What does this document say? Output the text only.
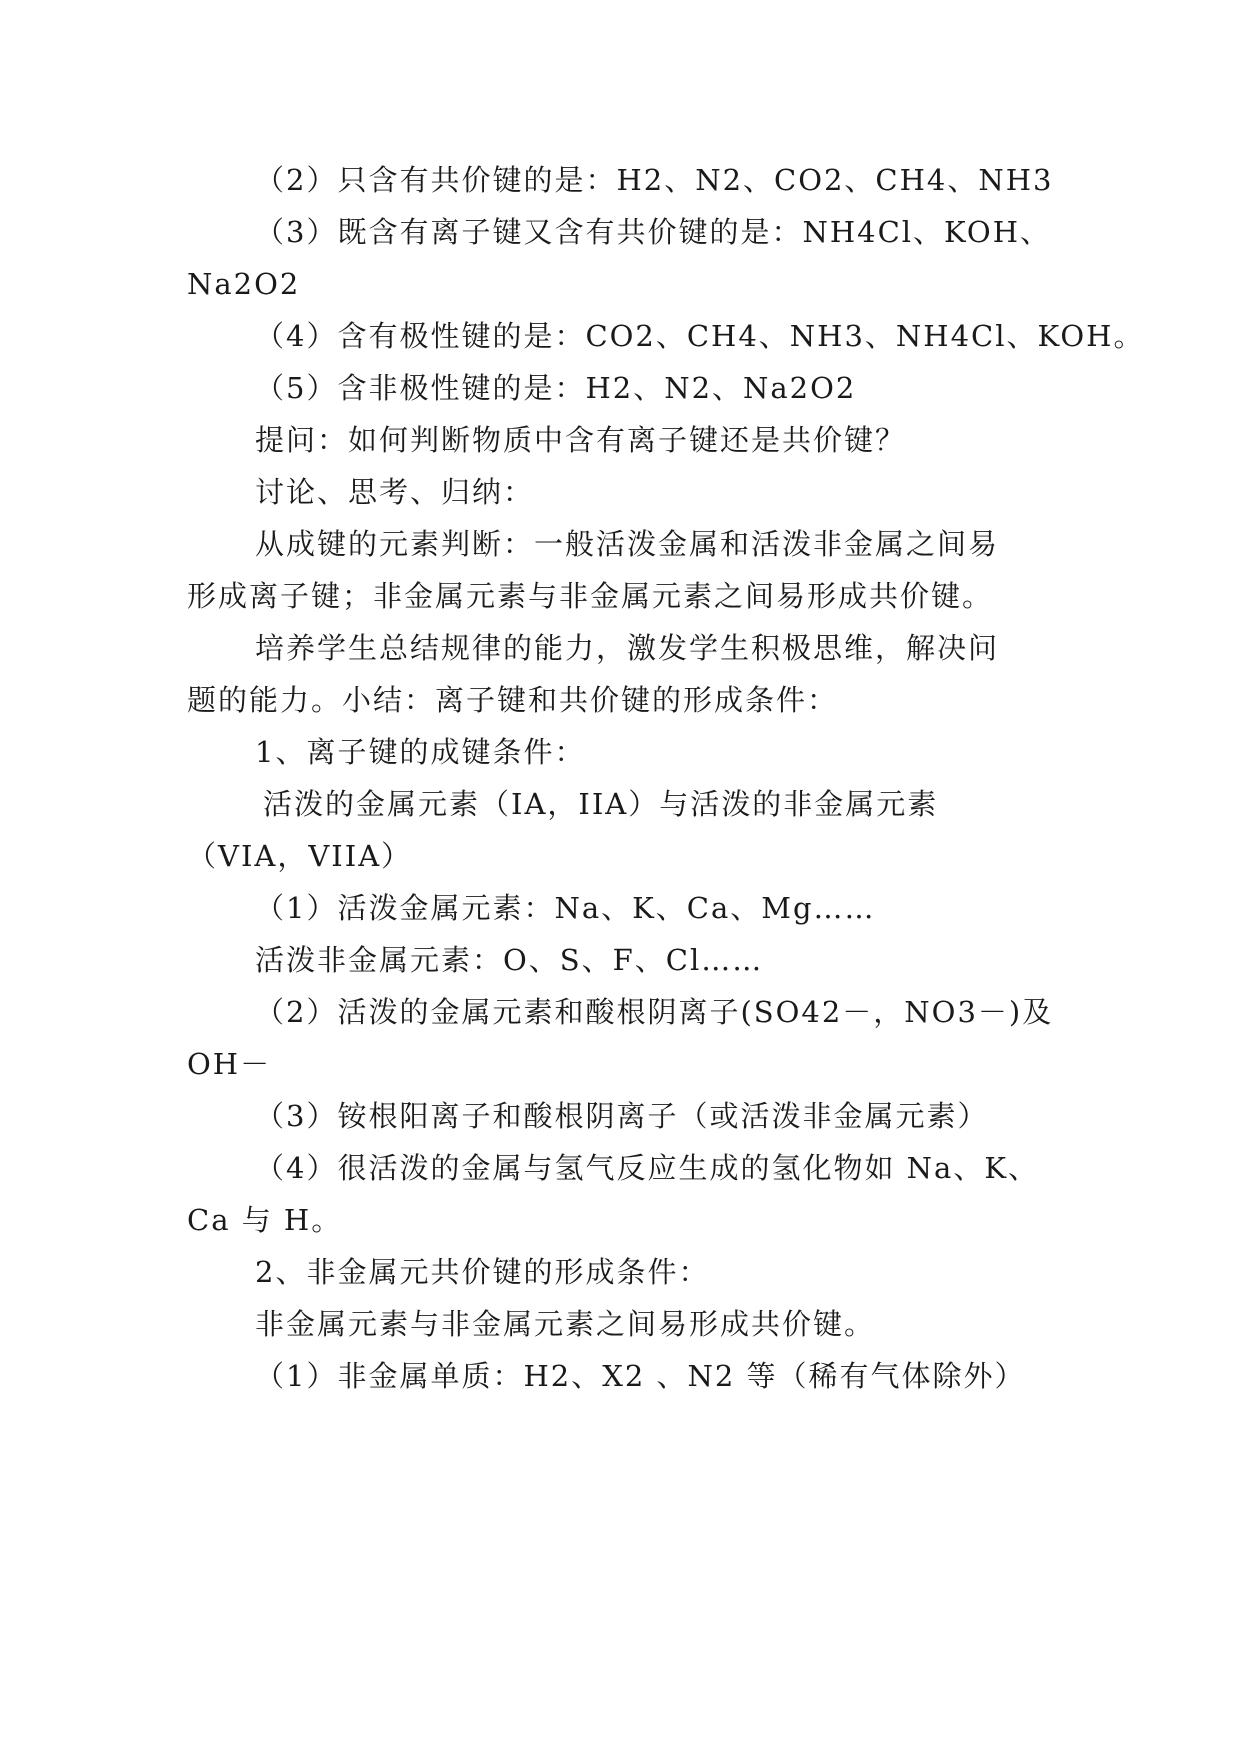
（2）只含有共价键的是：H2、N2、CO2、CH4、NH3
（3）既含有离子键又含有共价键的是：NH4Cl、KOH、
Na2O2
（4）含有极性键的是：CO2、CH4、NH3、NH4Cl、KOH。
（5）含非极性键的是：H2、N2、Na2O2
提问：如何判断物质中含有离子键还是共价键？
讨论、思考、归纳：
从成键的元素判断：一般活泼金属和活泼非金属之间易
形成离子键；非金属元素与非金属元素之间易形成共价键。
培养学生总结规律的能力，激发学生积极思维，解决问
题的能力。小结：离子键和共价键的形成条件：
1、离子键的成键条件：
活泼的金属元素（IA，IIA）与活泼的非金属元素
（VIA，VIIA）
（1）活泼金属元素：Na、K、Ca、Mg……
活泼非金属元素：O、S、F、Cl……
（2）活泼的金属元素和酸根阴离子(SO42－，NO3－)及
OH－
（3）铵根阳离子和酸根阴离子（或活泼非金属元素）
（4）很活泼的金属与氢气反应生成的氢化物如 Na、K、
Ca 与 H。
2、非金属元共价键的形成条件：
非金属元素与非金属元素之间易形成共价键。
（1）非金属单质：H2、X2 、N2 等（稀有气体除外）
